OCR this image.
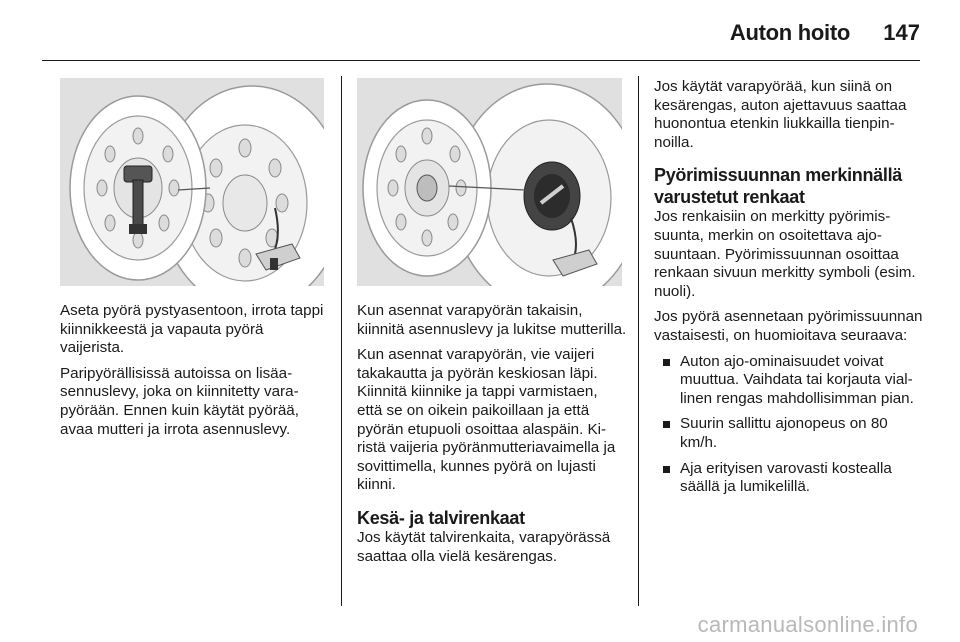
Auton hoito 147

Aseta pyörä pystyasentoon, irrota tappi kiinnikkeestä ja vapauta pyörä vaijerista.

Paripyörällisissä autoissa on lisäasennuslevy, joka on kiinnitetty varapyörään. Ennen kuin käytät pyörää, avaa mutteri ja irrota asennuslevy.

Kun asennat varapyörän takaisin, kiinnitä asennuslevy ja lukitse mutterilla.

Kun asennat varapyörän, vie vaijeri takakautta ja pyörän keskiosan läpi. Kiinnitä kiinnike ja tappi varmistaen, että se on oikein paikoillaan ja että pyörän etupuoli osoittaa alaspäin. Kiristä vaijeria pyöränmutteriavaimella ja sovittimella, kunnes pyörä on lujasti kiinni.

Kesä- ja talvirenkaat

Jos käytät talvirenkaita, varapyörässä saattaa olla vielä kesärengas.

Jos käytät varapyörää, kun siinä on kesärengas, auton ajettavuus saattaa huonontua etenkin liukkailla tienpinnoilla.

Pyörimissuunnan merkinnällä varustetut renkaat

Jos renkaisiin on merkitty pyörimissuunta, merkin on osoitettava ajosuuntaan. Pyörimissuunnan osoittaa renkaan sivuun merkitty symboli (esim. nuoli).

Jos pyörä asennetaan pyörimissuunnan vastaisesti, on huomioitava seuraava:

Auton ajo-ominaisuudet voivat muuttua. Vaihdata tai korjauta viallinen rengas mahdollisimman pian.
Suurin sallittu ajonopeus on 80 km/h.
Aja erityisen varovasti kostealla säällä ja lumikelillä.
carmanualsonline.info
